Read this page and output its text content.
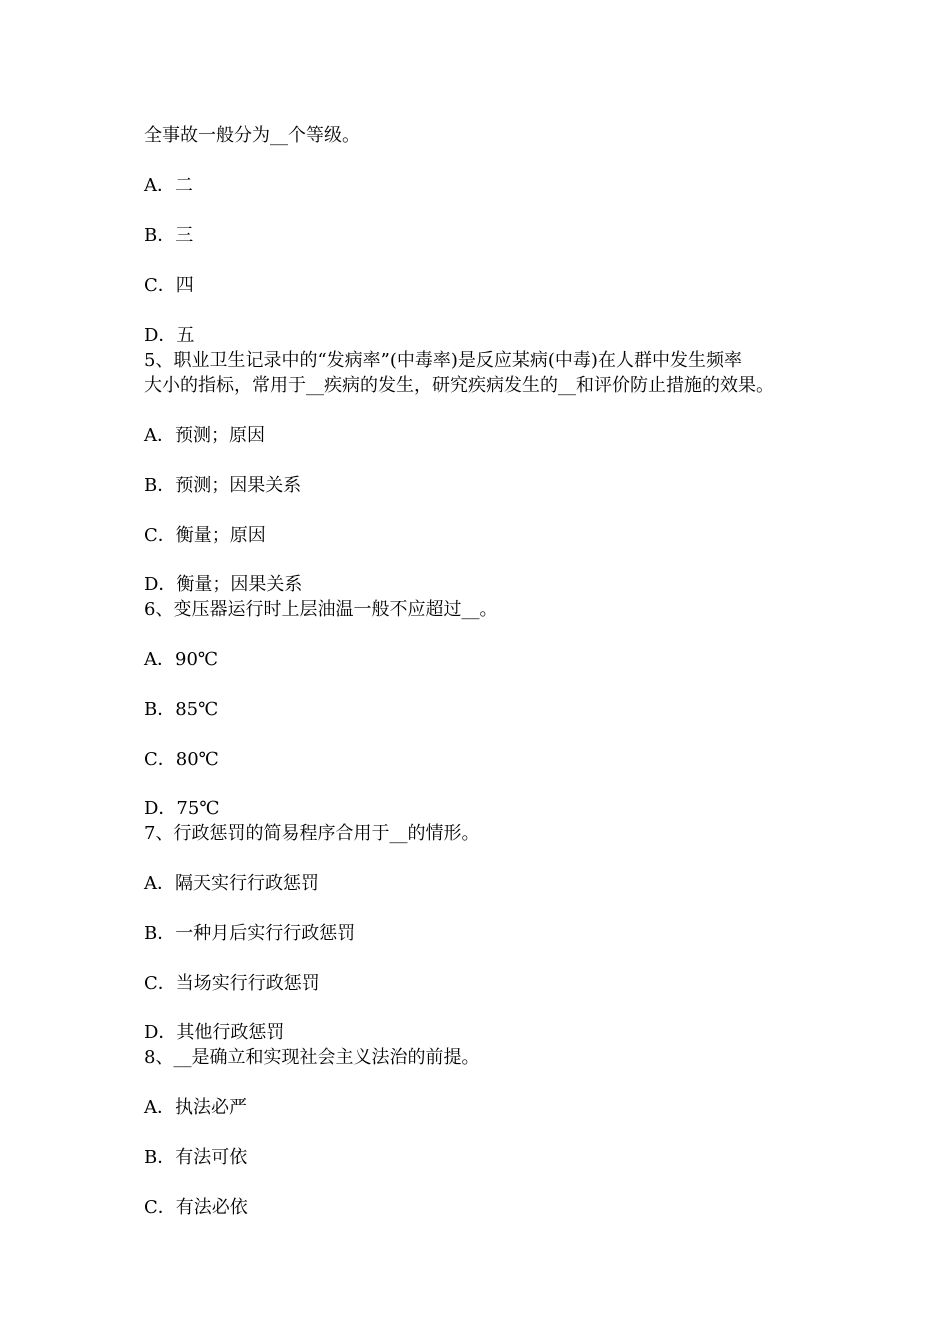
全事故一般分为__个等级。
A．二
B．三
C．四
D．五
5、职业卫生记录中的“发病率”(中毒率)是反应某病(中毒)在人群中发生频率
大小的指标，常用于__疾病的发生，研究疾病发生的__和评价防止措施的效果。
A．预测；原因
B．预测；因果关系
C．衡量；原因
D．衡量；因果关系
6、变压器运行时上层油温一般不应超过__。
A．90℃
B．85℃
C．80℃
D．75℃
7、行政惩罚的简易程序合用于__的情形。
A．隔天实行行政惩罚
B．一种月后实行行政惩罚
C．当场实行行政惩罚
D．其他行政惩罚
8、__是确立和实现社会主义法治的前提。
A．执法必严
B．有法可依
C．有法必依
